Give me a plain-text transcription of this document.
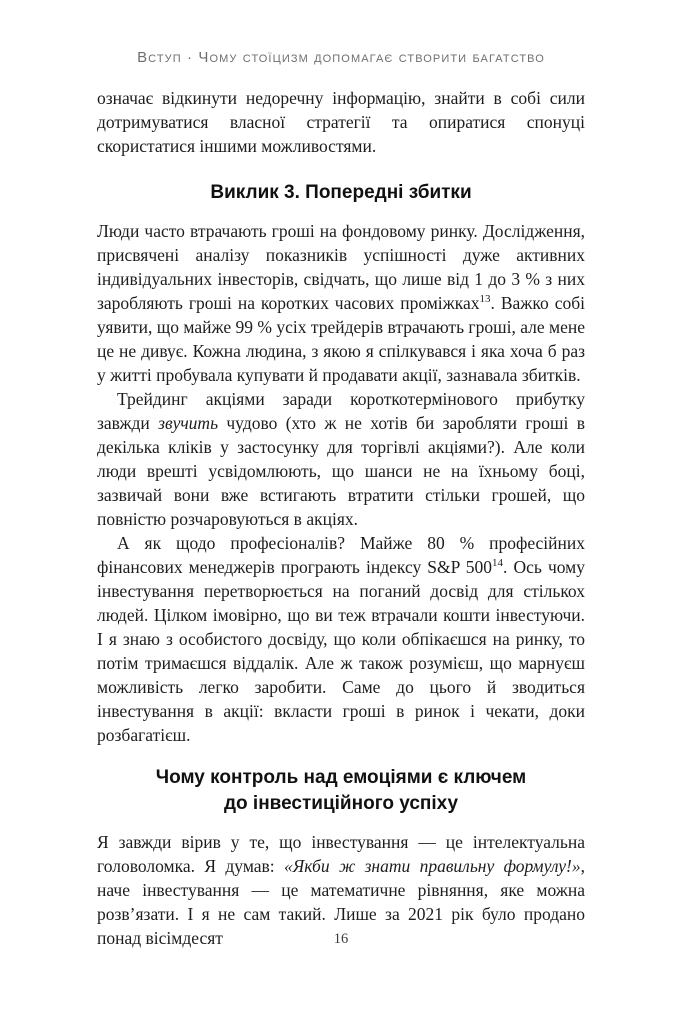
Вступ · Чому стоїцизм допомагає створити багатство

означає відкинути недоречну інформацію, знайти в собі сили дотримуватися власної стратегії та опиратися спонуці скористатися іншими можливостями.

Виклик 3. Попередні збитки

Люди часто втрачають гроші на фондовому ринку. Дослідження, присвячені аналізу показників успішності дуже активних індивідуальних інвесторів, свідчать, що лише від 1 до 3 % з них заробляють гроші на коротких часових проміжках$^{13}$. Важко собі уявити, що майже 99 % усіх трейдерів втрачають гроші, але мене це не дивує. Кожна людина, з якою я спілкувався і яка хоча б раз у житті пробувала купувати й продавати акції, зазнавала збитків.

Трейдинг акціями заради короткотермінового прибутку завжди звучить чудово (хто ж не хотів би заробляти гроші в декілька кліків у застосунку для торгівлі акціями?). Але коли люди врешті усвідомлюють, що шанси не на їхньому боці, зазвичай вони вже встигають втратити стільки грошей, що повністю розчаровуються в акціях.

А як щодо професіоналів? Майже 80 % професійних фінансових менеджерів програють індексу S&P 500$^{14}$. Ось чому інвестування перетворюється на поганий досвід для стількох людей. Цілком імовірно, що ви теж втрачали кошти інвестуючи. І я знаю з особистого досвіду, що коли обпікаєшся на ринку, то потім тримаєшся віддалік. Але ж також розумієш, що марнуєш можливість легко заробити. Саме до цього й зводиться інвестування в акції: вкласти гроші в ринок і чекати, доки розбагатієш.

Чому контроль над емоціями є ключем
до інвестиційного успіху

Я завжди вірив у те, що інвестування — це інтелектуальна головоломка. Я думав: «Якби ж знати правильну формулу!», наче інвестування — це математичне рівняння, яке можна розв’язати. І я не сам такий. Лише за 2021 рік було продано понад вісімдесят	16
